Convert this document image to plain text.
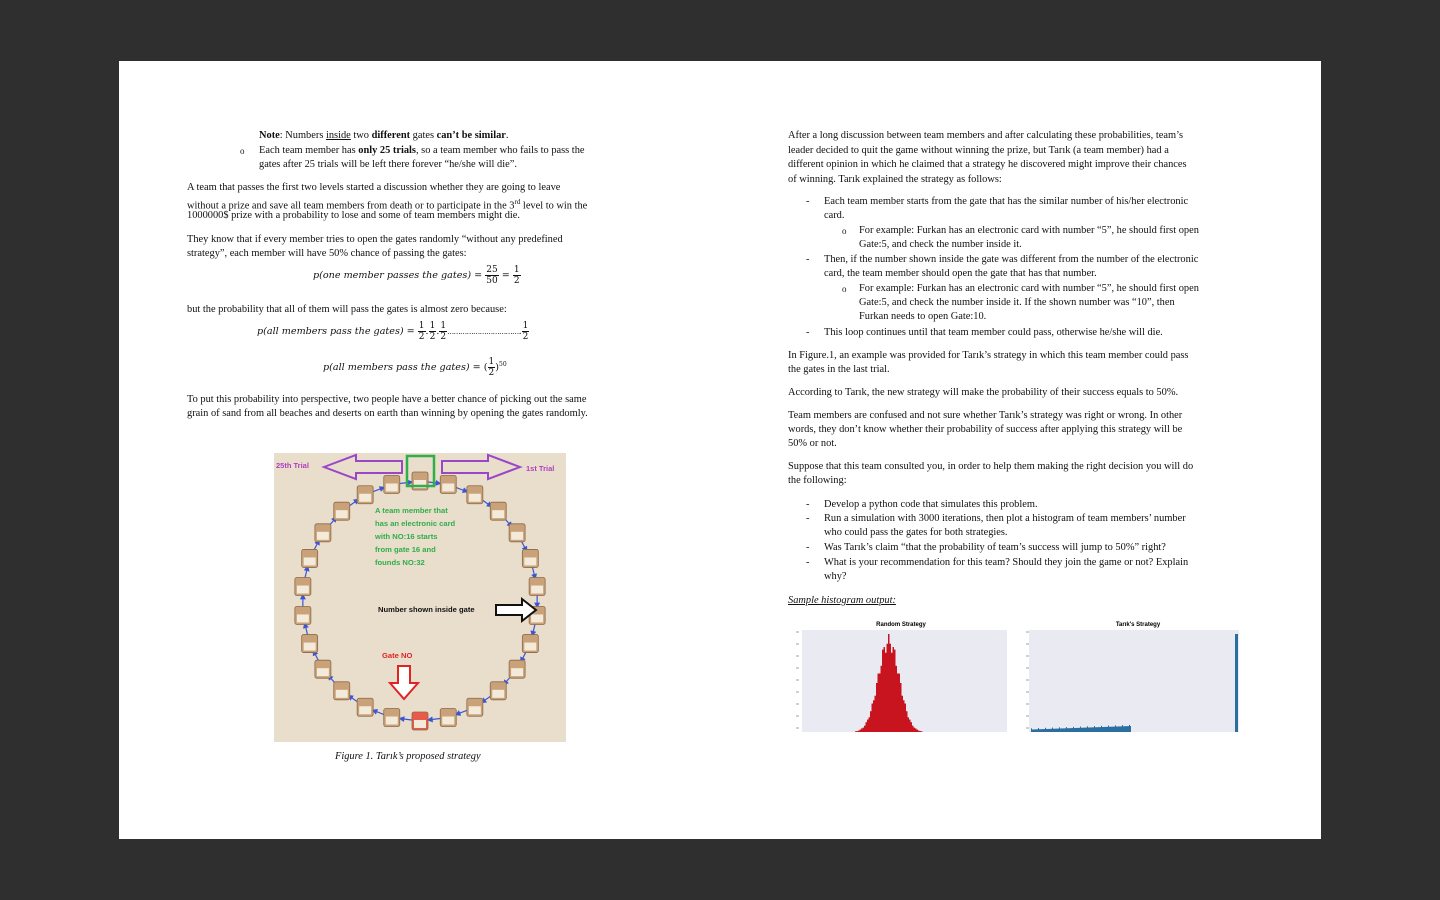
Note: Numbers inside two different gates can’t be similar.

o Each team member has only 25 trials, so a team member who fails to pass the

gates after 25 trials will be left there forever “he/she will die”.

A team that passes the first two levels started a discussion whether they are going to leave

without a prize and save all team members from death or to participate in the 3rd level to win the

1000000$ prize with a probability to lose and some of team members might die.

They know that if every member tries to open the gates randomly “without any predefined

strategy”, each member will have 50% chance of passing the gates:

p(one member passes the gates) = $\frac{25}{50} = \frac{1}{2}$

but the probability that all of them will pass the gates is almost zero because:

p(all members pass the gates) = $\frac{1}{2}$ . $\frac{1}{2}$ . $\frac{1}{2}$ ……………………………. $\frac{1}{2}$
p(all members pass the gates) = ( $\frac{1}{2} )^{50}$

To put this probability into perspective, two people have a better chance of picking out the same

grain of sand from all beaches and deserts on earth than winning by opening the gates randomly.

25th Trial	1st Trial
A team member that
has an electronic card
with NO:16 starts
from gate 16 and
founds NO:32
Number shown inside gate
Gate NO
Figure 1. Tarık’s proposed strategy

After a long discussion between team members and after calculating these probabilities, team’s

leader decided to quit the game without winning the prize, but Tarık (a team member) had a

different opinion in which he claimed that a strategy he discovered might improve their chances

of winning. Tarık explained the strategy as follows:

- Each team member starts from the gate that has the similar number of his/her electronic

card.

o For example: Furkan has an electronic card with number “5”, he should first open

Gate:5, and check the number inside it.

- Then, if the number shown inside the gate was different from the number of the electronic

card, the team member should open the gate that has that number.

o For example: Furkan has an electronic card with number “5”, he should first open

Gate:5, and check the number inside it. If the shown number was “10”, then

Furkan needs to open Gate:10.

- This loop continues until that team member could pass, otherwise he/she will die.

In Figure.1, an example was provided for Tarık’s strategy in which this team member could pass

the gates in the last trial.

According to Tarık, the new strategy will make the probability of their success equals to 50%.

Team members are confused and not sure whether Tarık’s strategy was right or wrong. In other

words, they don’t know whether their probability of success after applying this strategy will be

50% or not.

Suppose that this team consulted you, in order to help them making the right decision you will do

the following:

- Develop a python code that simulates this problem.

- Run a simulation with 3000 iterations, then plot a histogram of team members’ number

who could pass the gates for both strategies.

- Was Tarık’s claim “that the probability of team’s success will jump to 50%” right?

- What is your recommendation for this team? Should they join the game or not? Explain

why?

Sample histogram output:

Random Strategy	Tarık's Strategy
